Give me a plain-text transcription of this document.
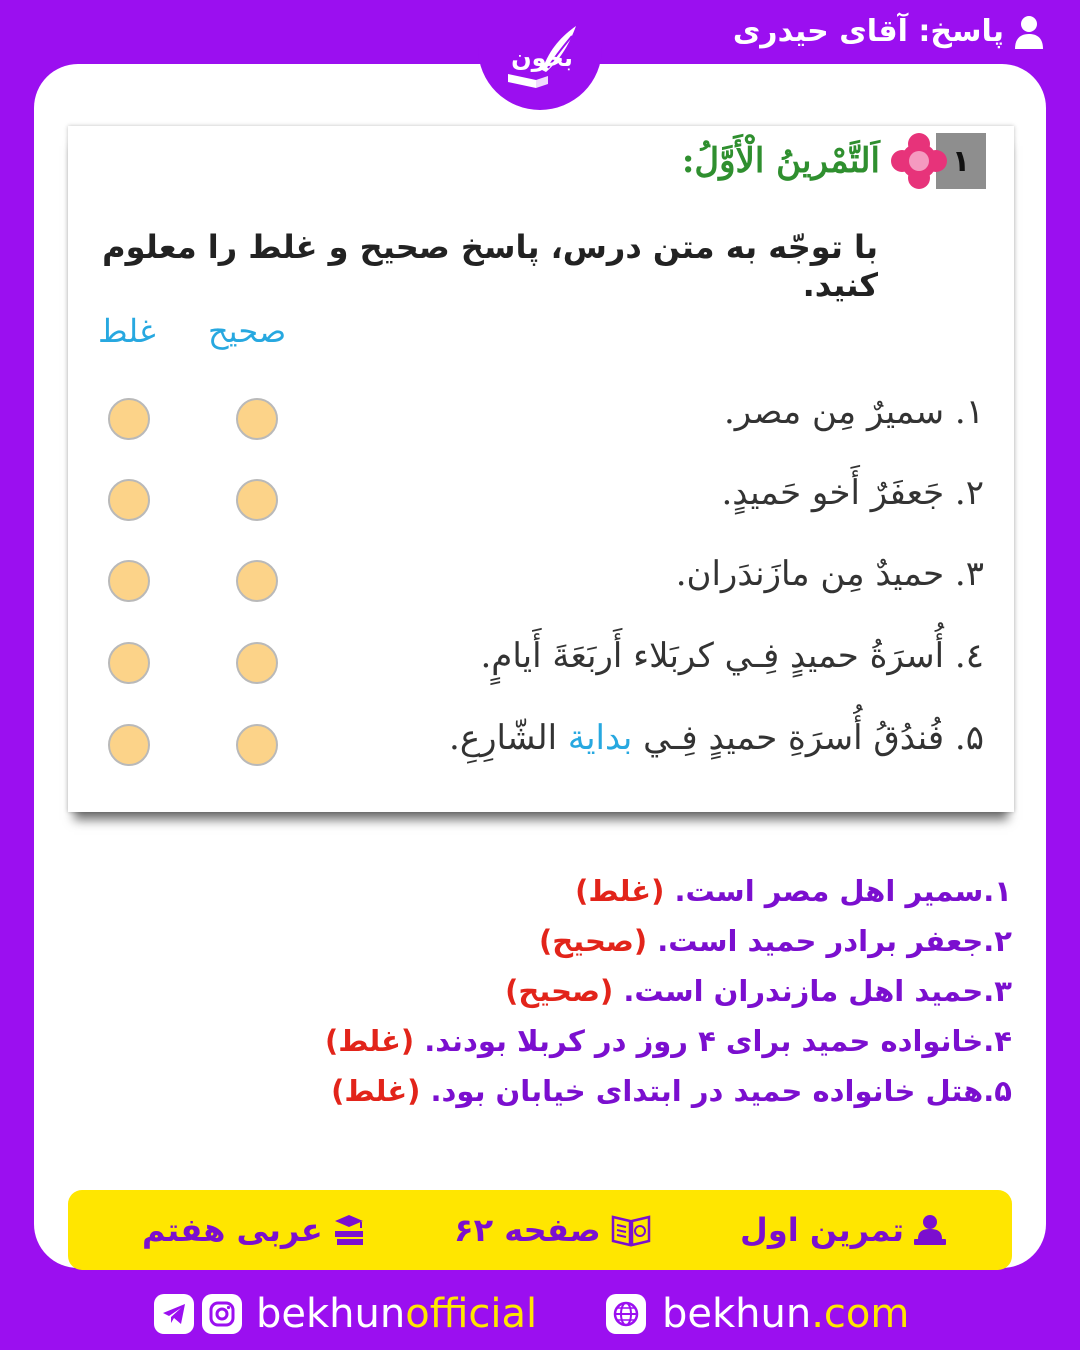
پاسخ: آقای حیدری
بخون
۱
اَلتَّمْرينُ الْأَوَّلُ:
با توجّه به متن درس، پاسخ صحیح و غلط را معلوم کنید.
صحیح
غلط
۱. سمیرٌ مِن مصر.
۲. جَعفَرٌ أَخو حَمیدٍ.
۳. حمیدٌ مِن مازَندَران.
٤. أُسرَةُ حمیدٍ فِـي کربَلاء أَربَعَةَ أَیامٍ.
۵. فُندُقُ أُسرَةِ حمیدٍ فِـي بدایة الشّارِعِ.
۱.سمیر اهل مصر است. (غلط)
۲.جعفر برادر حمید است. (صحیح)
۳.حمید اهل مازندران است. (صحیح)
۴.خانواده حمید برای ۴ روز در کربلا بودند. (غلط)
۵.هتل خانواده حمید در ابتدای خیابان بود. (غلط)
تمرین اول
صفحه ۶۲
عربی هفتم
bekhunofficial	bekhun.com
